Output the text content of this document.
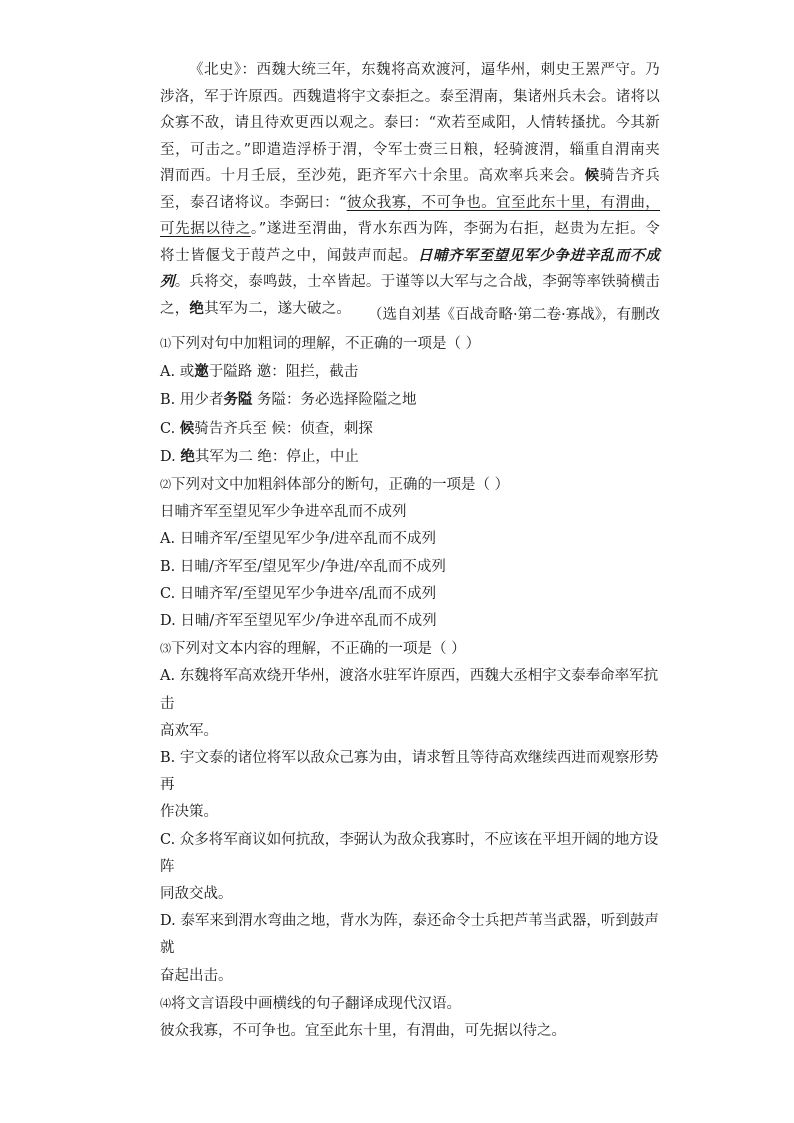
《北史》：西魏大统三年，东魏将高欢渡河，逼华州，刺史王罴严守。乃涉洛，军于许原西。西魏遣将宇文泰拒之。泰至渭南，集诸州兵未会。诸将以众寡不敌，请且待欢更西以观之。泰曰：“欢若至咸阳，人情转搔扰。今其新至，可击之。”即遣造浮桥于渭，令军士赍三日粮，轻骑渡渭，辎重自渭南夹渭而西。十月壬辰，至沙苑，距齐军六十余里。高欢率兵来会。候骑告齐兵至，泰召诸将议。李弼曰：“彼众我寡，不可争也。宜至此东十里，有渭曲，可先据以待之。”遂进至渭曲，背水东西为阵，李弼为右拒，赵贵为左拒。令将士皆偃戈于葭芦之中，闻鼓声而起。日晡齐军至望见军少争进辛乱而不成列。兵将交，泰鸣鼓，士卒皆起。于谨等以大军与之合战，李弼等率铁骑横击之，绝其军为二，遂大破之。	（选自刘基《百战奇略·第二卷·寡战》，有删改
⑴下列对句中加粗词的理解，不正确的一项是（ ）
A. 或邀于隘路 邀：阻拦，截击
B. 用少者务隘 务隘：务必选择险隘之地
C. 候骑告齐兵至 候：侦查，刺探
D. 绝其军为二 绝：停止，中止
⑵下列对文中加粗斜体部分的断句，正确的一项是（ ）
日晡齐军至望见军少争进卒乱而不成列
A. 日晡齐军/至望见军少争/进卒乱而不成列
B. 日晡/齐军至/望见军少/争进/卒乱而不成列
C. 日晡齐军/至望见军少争进卒/乱而不成列
D. 日晡/齐军至望见军少/争进卒乱而不成列
⑶下列对文本内容的理解，不正确的一项是（ ）
A. 东魏将军高欢绕开华州，渡洛水驻军许原西，西魏大丞相宇文泰奉命率军抗击
高欢军。
B. 宇文泰的诸位将军以敌众己寡为由，请求暂且等待高欢继续西进而观察形势再
作决策。
C. 众多将军商议如何抗敌，李弼认为敌众我寡时，不应该在平坦开阔的地方设阵
同敌交战。
D. 泰军来到渭水弯曲之地，背水为阵，泰还命令士兵把芦苇当武器，听到鼓声就
奋起出击。
⑷将文言语段中画横线的句子翻译成现代汉语。
彼众我寡，不可争也。宜至此东十里，有渭曲，可先据以待之。
